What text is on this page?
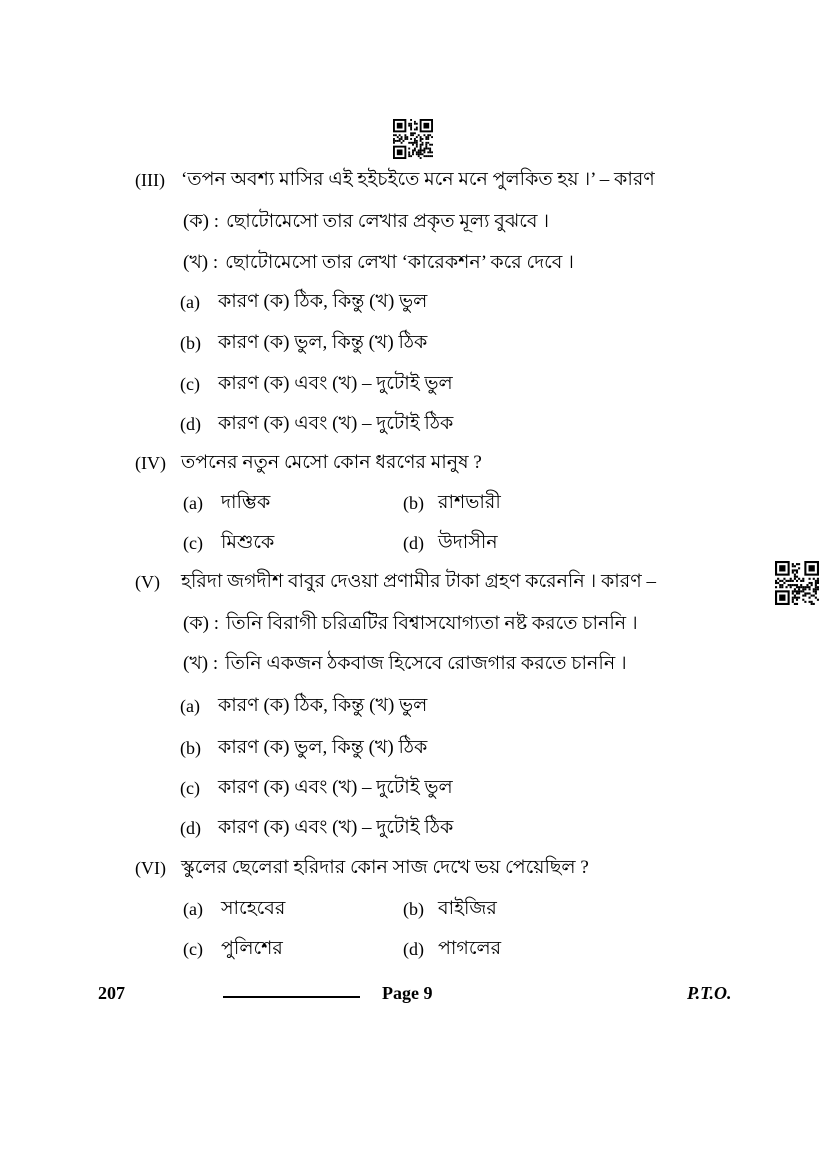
(III) ‘তপন অবশ্য মাসির এই হইচইতে মনে মনে পুলকিত হয় ।’ – কারণ
(ক) : ছোটোমেসো তার লেখার প্রকৃত মূল্য বুঝবে ।
(খ) : ছোটোমেসো তার লেখা ‘কারেকশন’ করে দেবে ।
(a) কারণ (ক) ঠিক, কিন্তু (খ) ভুল
(b) কারণ (ক) ভুল, কিন্তু (খ) ঠিক
(c) কারণ (ক) এবং (খ) – দুটোই ভুল
(d) কারণ (ক) এবং (খ) – দুটোই ঠিক
(IV) তপনের নতুন মেসো কোন ধরণের মানুষ ?
(a) দাম্ভিক	(b) রাশভারী
(c) মিশুকে	(d) উদাসীন
(V) হরিদা জগদীশ বাবুর দেওয়া প্রণামীর টাকা গ্রহণ করেননি । কারণ –
(ক) : তিনি বিরাগী চরিত্রটির বিশ্বাসযোগ্যতা নষ্ট করতে চাননি ।
(খ) : তিনি একজন ঠকবাজ হিসেবে রোজগার করতে চাননি ।
(a) কারণ (ক) ঠিক, কিন্তু (খ) ভুল
(b) কারণ (ক) ভুল, কিন্তু (খ) ঠিক
(c) কারণ (ক) এবং (খ) – দুটোই ভুল
(d) কারণ (ক) এবং (খ) – দুটোই ঠিক
(VI) স্কুলের ছেলেরা হরিদার কোন সাজ দেখে ভয় পেয়েছিল ?
(a) সাহেবের	(b) বাইজির
(c) পুলিশের	(d) পাগলের
207	Page 9	P.T.O.
